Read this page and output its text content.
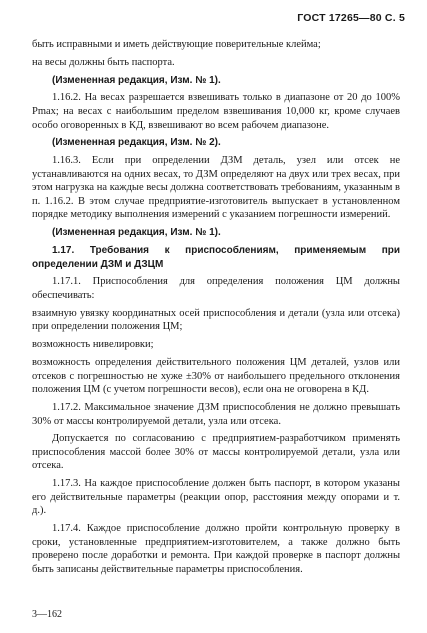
ГОСТ 17265—80 С. 5

быть исправными и иметь действующие поверительные клейма;

на весы должны быть паспорта.

(Измененная редакция, Изм. № 1).

1.16.2. На весах разрешается взвешивать только в диапазоне от 20 до 100% Pmax; на весах с наибольшим пределом взвешивания 10,000 кг, кроме случаев особо оговоренных в КД, взвешивают во всем рабочем диапазоне.

(Измененная редакция, Изм. № 2).

1.16.3. Если при определении ДЗМ деталь, узел или отсек не устанавливаются на одних весах, то ДЗМ определяют на двух или трех весах, при этом нагрузка на каждые весы должна соответствовать требованиям, указанным в п. 1.16.2. В этом случае предприятие-изготовитель выпускает в установленном порядке методику выполнения измерений с указанием погрешности измерений.

(Измененная редакция, Изм. № 1).

1.17. Требования к приспособлениям, применяемым при определении ДЗМ и ДЗЦМ

1.17.1. Приспособления для определения положения ЦМ должны обеспечивать:

взаимную увязку координатных осей приспособления и детали (узла или отсека) при определении положения ЦМ;

возможность нивелировки;

возможность определения действительного положения ЦМ деталей, узлов или отсеков с погрешностью не хуже ±30% от наибольшего предельного отклонения положения ЦМ (с учетом погрешности весов), если она не оговорена в КД.

1.17.2. Максимальное значение ДЗМ приспособления не должно превышать 30% от массы контролируемой детали, узла или отсека.

Допускается по согласованию с предприятием-разработчиком применять приспособления массой более 30% от массы контролируемой детали, узла или отсека.

1.17.3. На каждое приспособление должен быть паспорт, в котором указаны его действительные параметры (реакции опор, расстояния между опорами и т. д.).

1.17.4. Каждое приспособление должно пройти контрольную проверку в сроки, установленные предприятием-изготовителем, а также должно быть проверено после доработки и ремонта. При каждой проверке в паспорт должны быть записаны действительные параметры приспособления.

3—162
